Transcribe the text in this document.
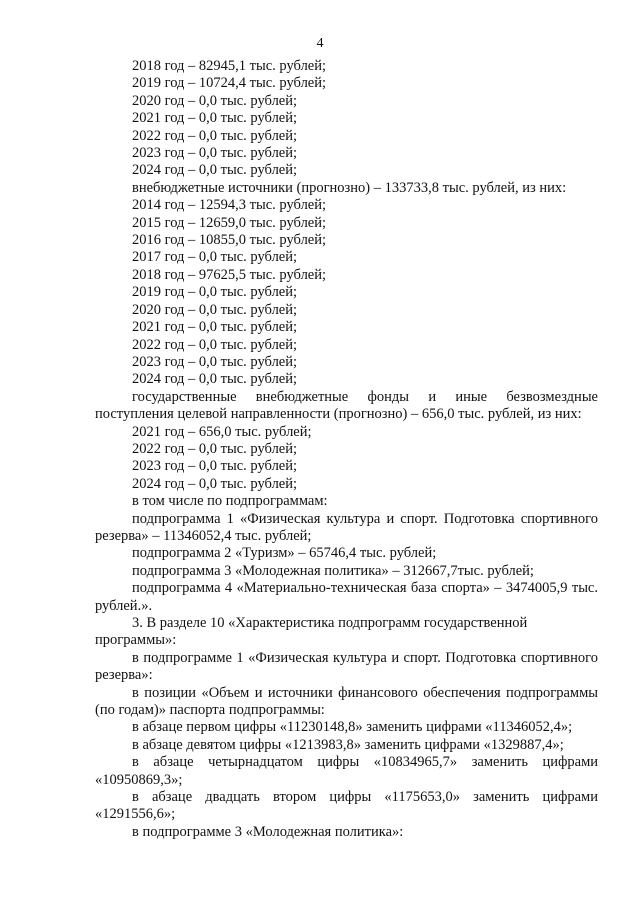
4

2018 год – 82945,1 тыс. рублей;

2019 год – 10724,4 тыс. рублей;

2020 год – 0,0 тыс. рублей;

2021 год – 0,0 тыс. рублей;

2022 год – 0,0 тыс. рублей;

2023 год – 0,0 тыс. рублей;

2024 год – 0,0 тыс. рублей;

внебюджетные источники (прогнозно) – 133733,8 тыс. рублей, из них:

2014 год – 12594,3 тыс. рублей;

2015 год – 12659,0 тыс. рублей;

2016 год – 10855,0 тыс. рублей;

2017 год – 0,0 тыс. рублей;

2018 год – 97625,5 тыс. рублей;

2019 год – 0,0 тыс. рублей;

2020 год – 0,0 тыс. рублей;

2021 год – 0,0 тыс. рублей;

2022 год – 0,0 тыс. рублей;

2023 год – 0,0 тыс. рублей;

2024 год – 0,0 тыс. рублей;

государственные внебюджетные фонды и иные безвозмездные поступления целевой направленности (прогнозно) – 656,0 тыс. рублей, из них:

2021 год – 656,0 тыс. рублей;

2022 год – 0,0 тыс. рублей;

2023 год – 0,0 тыс. рублей;

2024 год – 0,0 тыс. рублей;

в том числе по подпрограммам:

подпрограмма 1 «Физическая культура и спорт. Подготовка спортивного резерва» – 11346052,4 тыс. рублей;

подпрограмма 2 «Туризм» – 65746,4 тыс. рублей;

подпрограмма 3 «Молодежная политика» – 312667,7тыс. рублей;

подпрограмма 4 «Материально-техническая база спорта» – 3474005,9 тыс. рублей.».

3. В разделе 10 «Характеристика подпрограмм государственной программы»:

в подпрограмме 1 «Физическая культура и спорт. Подготовка спортивного резерва»:

в позиции «Объем и источники финансового обеспечения подпрограммы (по годам)» паспорта подпрограммы:

в абзаце первом цифры «11230148,8» заменить цифрами «11346052,4»;

в абзаце девятом цифры «1213983,8» заменить цифрами «1329887,4»;

в абзаце четырнадцатом цифры «10834965,7» заменить цифрами «10950869,3»;

в абзаце двадцать втором цифры «1175653,0» заменить цифрами «1291556,6»;

в подпрограмме 3 «Молодежная политика»:
